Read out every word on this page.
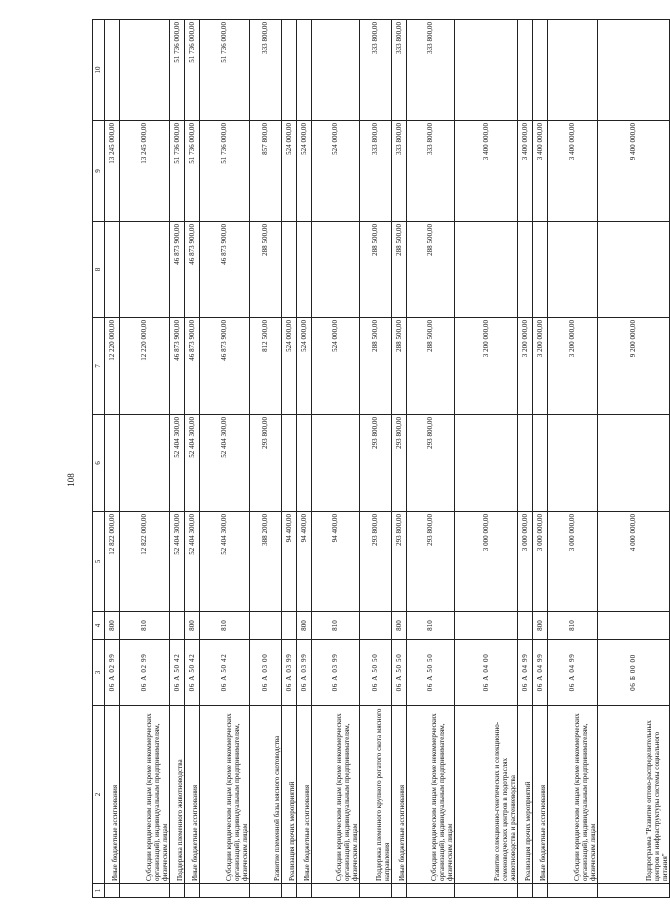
108
1	2	3	4	5	6	7	8	9	10
	Иные бюджетные ассигнования	06 А 02 99	800	12 822 000,00		12 220 000,00		13 245 000,00	
	Субсидии юридическим лицам (кроме некоммерческих организаций), индивидуальным предпринимателям, физическим лицам	06 А 02 99	810	12 822 000,00		12 220 000,00		13 245 000,00	
	Поддержка племенного животноводства	06 А 50 42		52 404 300,00	52 404 300,00	46 873 900,00	46 873 900,00	51 736 000,00	51 736 000,00
	Иные бюджетные ассигнования	06 А 50 42	800	52 404 300,00	52 404 300,00	46 873 900,00	46 873 900,00	51 736 000,00	51 736 000,00
	Субсидии юридическим лицам (кроме некоммерческих организаций), индивидуальным предпринимателям, физическим лицам	06 А 50 42	810	52 404 300,00	52 404 300,00	46 873 900,00	46 873 900,00	51 736 000,00	51 736 000,00
	Развитие племенной базы мясного скотоводства	06 А 03 00		388 200,00	293 800,00	812 500,00	288 500,00	857 800,00	333 800,00
	Реализация прочих мероприятий	06 А 03 99		94 400,00		524 000,00		524 000,00	
	Иные бюджетные ассигнования	06 А 03 99	800	94 400,00		524 000,00		524 000,00	
	Субсидии юридическим лицам (кроме некоммерческих организаций), индивидуальным предпринимателям, физическим лицам	06 А 03 99	810	94 400,00		524 000,00		524 000,00	
	Поддержка племенного крупного рогатого скота мясного направления	06 А 50 50		293 800,00	293 800,00	288 500,00	288 500,00	333 800,00	333 800,00
	Иные бюджетные ассигнования	06 А 50 50	800	293 800,00	293 800,00	288 500,00	288 500,00	333 800,00	333 800,00
	Субсидии юридическим лицам (кроме некоммерческих организаций), индивидуальным предпринимателям, физическим лицам	06 А 50 50	810	293 800,00	293 800,00	288 500,00	288 500,00	333 800,00	333 800,00
	Развитие селекционно-генетических и селекционно-семеноводческих центров в подотраслях животноводства и растениеводства	06 А 04 00		3 000 000,00		3 200 000,00		3 400 000,00	
	Реализация прочих мероприятий	06 А 04 99		3 000 000,00		3 200 000,00		3 400 000,00	
	Иные бюджетные ассигнования	06 А 04 99	800	3 000 000,00		3 200 000,00		3 400 000,00	
	Субсидии юридическим лицам (кроме некоммерческих организаций), индивидуальным предпринимателям, физическим лицам	06 А 04 99	810	3 000 000,00		3 200 000,00		3 400 000,00	
	Подпрограмма "Развитие оптово-распределительных центров и инфраструктуры системы социального питания"	06 Б 00 00		4 000 000,00		9 200 000,00		9 400 000,00	
